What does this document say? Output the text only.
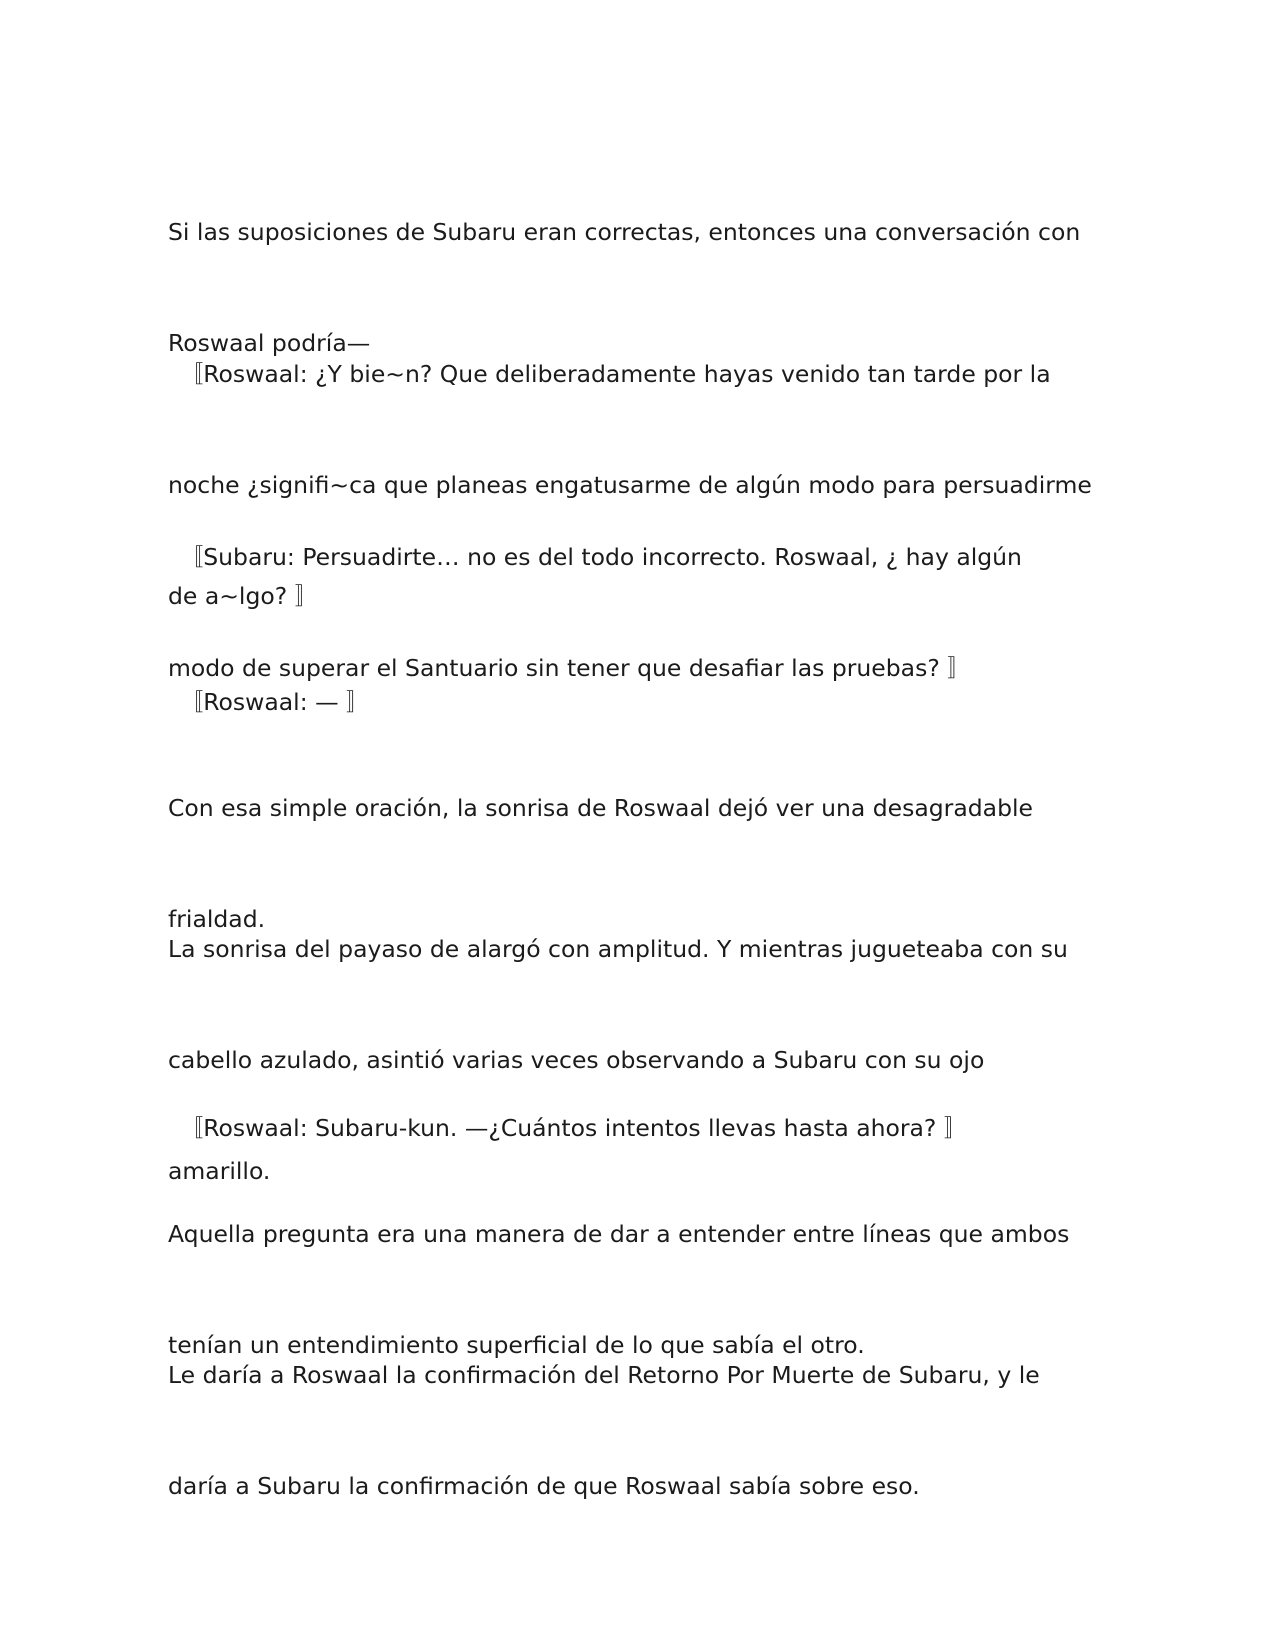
Si las suposiciones de Subaru eran correctas, entonces una conversación con

Roswaal podría—

　〚Roswaal: ¿Y bie~n? Que deliberadamente hayas venido tan tarde por la

noche ¿signifi~ca que planeas engatusarme de algún modo para persuadirme

de a~lgo? 〛

　〚Subaru: Persuadirte… no es del todo incorrecto. Roswaal, ¿ hay algún

modo de superar el Santuario sin tener que desafiar las pruebas? 〛

　〚Roswaal: — 〛

Con esa simple oración, la sonrisa de Roswaal dejó ver una desagradable

frialdad.

La sonrisa del payaso de alargó con amplitud. Y mientras jugueteaba con su

cabello azulado, asintió varias veces observando a Subaru con su ojo

amarillo.

　〚Roswaal: Subaru-kun. —¿Cuántos intentos llevas hasta ahora? 〛

Aquella pregunta era una manera de dar a entender entre líneas que ambos

tenían un entendimiento superficial de lo que sabía el otro.

Le daría a Roswaal la confirmación del Retorno Por Muerte de Subaru, y le

daría a Subaru la confirmación de que Roswaal sabía sobre eso.
